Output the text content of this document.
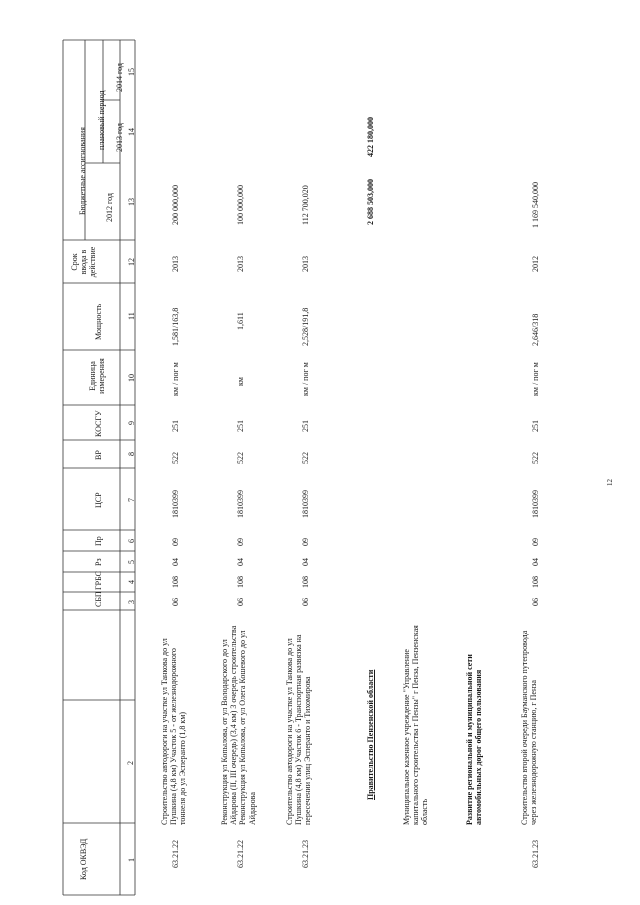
Код ОКВЭД
2
СБП
ГРБС
Рз
Пр
ЦСР
ВР
КОСГУ
Единица измерения
Мощность
Срок ввода в действие
Бюджетные ассигнования
плановый период
2012 год
2013 год
2014 год
1
3
4
5
6
7
8
9
10
11
12
13
14
15
63.21.22
Строительство автодороги на участке ул Танкова до ул Пушкина (4,8 км) Участок 5 - от железнодорожного тоннеля до ул Эсперанто (1,8 км)
06
108
04
09
1810399
522
251
км / пог м
1,581/163,8
2013
200 000,000
63.21.22
Реконструкция ул Копылова, от ул Володарского до ул Айдарова (II, III очередь) (3,4 км) 3 очередь строительства Реконструкция ул Копылова, от ул Олега Кошевого до ул Айдарова
06
108
04
09
1810399
522
251
км
1,611
2013
100 000,000
63.21.23
Строительство автодороги на участке ул Танкова до ул Пушкина (4,8 км) Участок 6 - Транспортная развязка на пересечении улиц Эсперанто и Тихомирова
06
108
04
09
1810399
522
251
км / пог м
2,528/191,8
2013
112 700,020
Правительство Пензенской области
2 688 503,000
422 180,000
Муниципальное казенное учреждение "Управление капитального строительства г Пензы" г Пенза, Пензенская область	Развитие региональной и муниципальной сети автомобильных дорог общего пользования
63.21.23
Строительство второй очереди Бауманского путепровода через железнодорожную станцию, г Пенза
06
108
04
09
1810399
522
251
км / пог м
2,646/318
2012
1 169 540,000
12
